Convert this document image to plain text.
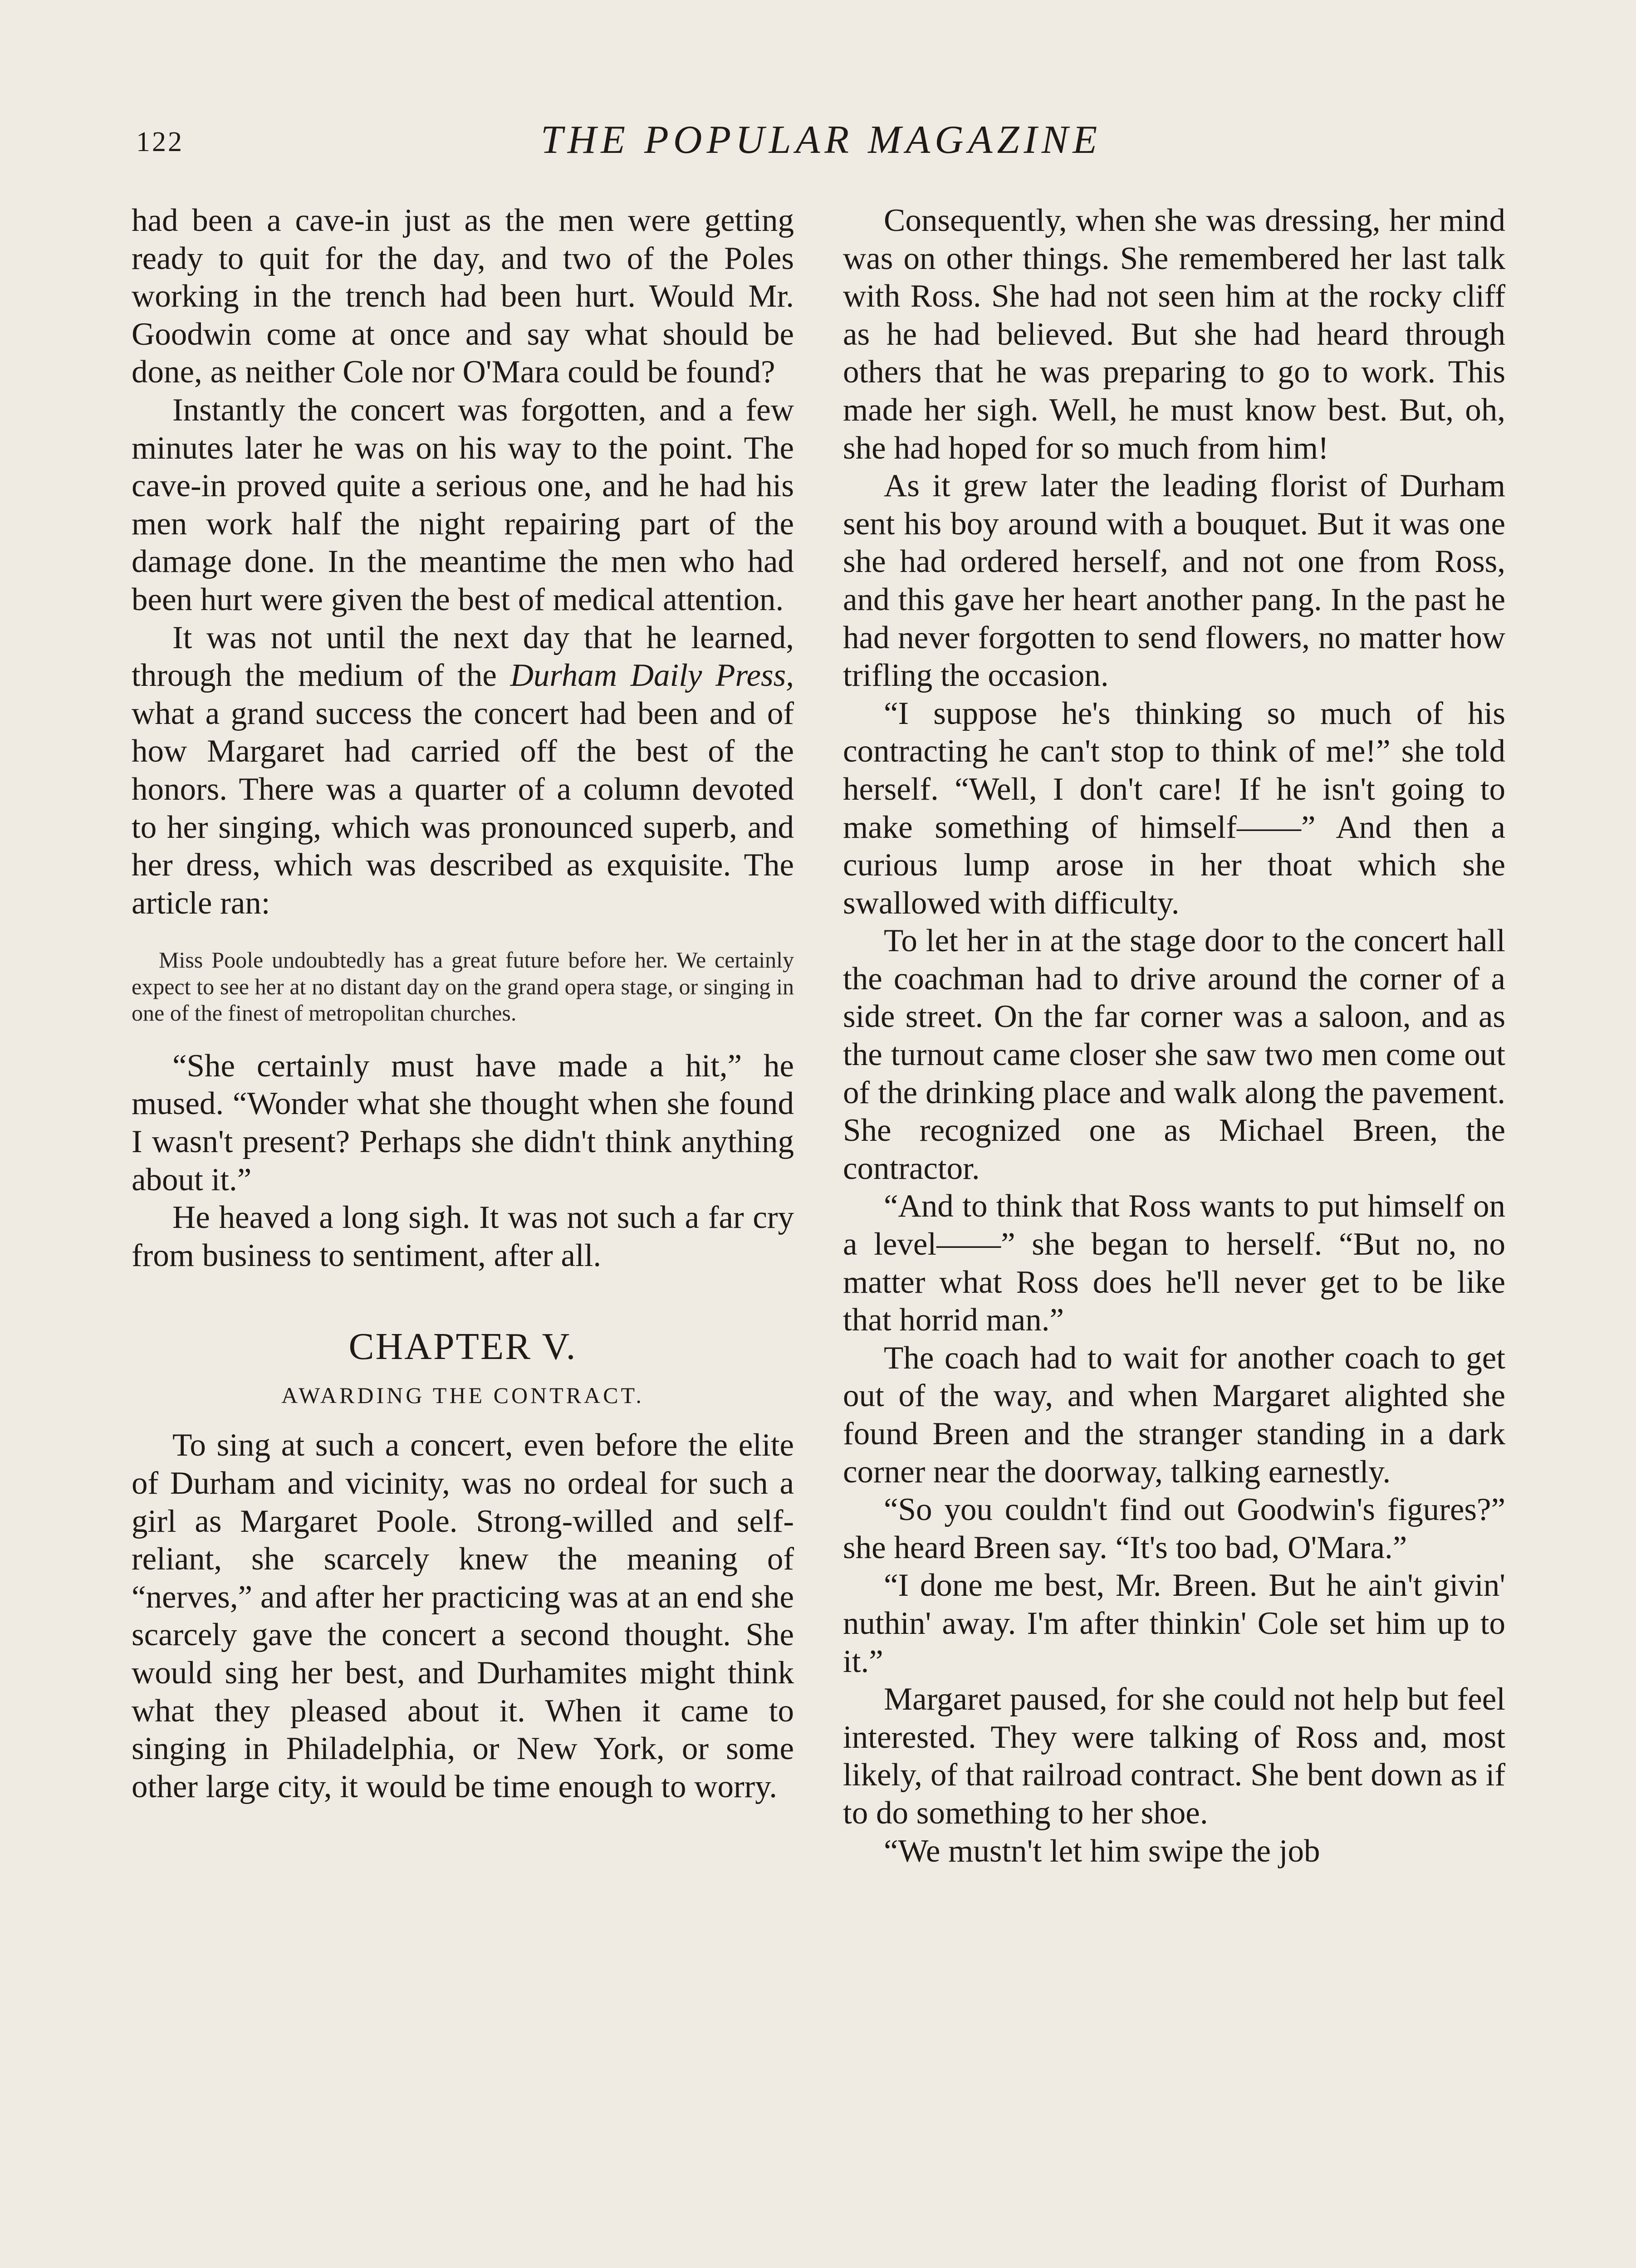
122	THE POPULAR MAGAZINE

had been a cave-in just as the men were getting ready to quit for the day, and two of the Poles working in the trench had been hurt. Would Mr. Goodwin come at once and say what should be done, as neither Cole nor O'Mara could be found?

Instantly the concert was forgotten, and a few minutes later he was on his way to the point. The cave-in proved quite a serious one, and he had his men work half the night repairing part of the damage done. In the meantime the men who had been hurt were given the best of medical attention.

It was not until the next day that he learned, through the medium of the Durham Daily Press, what a grand success the concert had been and of how Margaret had carried off the best of the honors. There was a quarter of a column devoted to her singing, which was pronounced superb, and her dress, which was described as exquisite. The article ran:

Miss Poole undoubtedly has a great future before her. We certainly expect to see her at no distant day on the grand opera stage, or singing in one of the finest of metropolitan churches.

“She certainly must have made a hit,” he mused. “Wonder what she thought when she found I wasn't present? Perhaps she didn't think anything about it.”

He heaved a long sigh. It was not such a far cry from business to sentiment, after all.

CHAPTER V.
AWARDING THE CONTRACT.

To sing at such a concert, even before the elite of Durham and vicinity, was no ordeal for such a girl as Margaret Poole. Strong-willed and self-reliant, she scarcely knew the meaning of “nerves,” and after her practicing was at an end she scarcely gave the concert a second thought. She would sing her best, and Durhamites might think what they pleased about it. When it came to singing in Philadelphia, or New York, or some other large city, it would be time enough to worry.

Consequently, when she was dressing, her mind was on other things. She remembered her last talk with Ross. She had not seen him at the rocky cliff as he had believed. But she had heard through others that he was preparing to go to work. This made her sigh. Well, he must know best. But, oh, she had hoped for so much from him!

As it grew later the leading florist of Durham sent his boy around with a bouquet. But it was one she had ordered herself, and not one from Ross, and this gave her heart another pang. In the past he had never forgotten to send flowers, no matter how trifling the occasion.

“I suppose he's thinking so much of his contracting he can't stop to think of me!” she told herself. “Well, I don't care! If he isn't going to make something of himself——” And then a curious lump arose in her thoat which she swallowed with difficulty.

To let her in at the stage door to the concert hall the coachman had to drive around the corner of a side street. On the far corner was a saloon, and as the turnout came closer she saw two men come out of the drinking place and walk along the pavement. She recognized one as Michael Breen, the contractor.

“And to think that Ross wants to put himself on a level——” she began to herself. “But no, no matter what Ross does he'll never get to be like that horrid man.”

The coach had to wait for another coach to get out of the way, and when Margaret alighted she found Breen and the stranger standing in a dark corner near the doorway, talking earnestly.

“So you couldn't find out Goodwin's figures?” she heard Breen say. “It's too bad, O'Mara.”

“I done me best, Mr. Breen. But he ain't givin' nuthin' away. I'm after thinkin' Cole set him up to it.”

Margaret paused, for she could not help but feel interested. They were talking of Ross and, most likely, of that railroad contract. She bent down as if to do something to her shoe.

“We mustn't let him swipe the job
